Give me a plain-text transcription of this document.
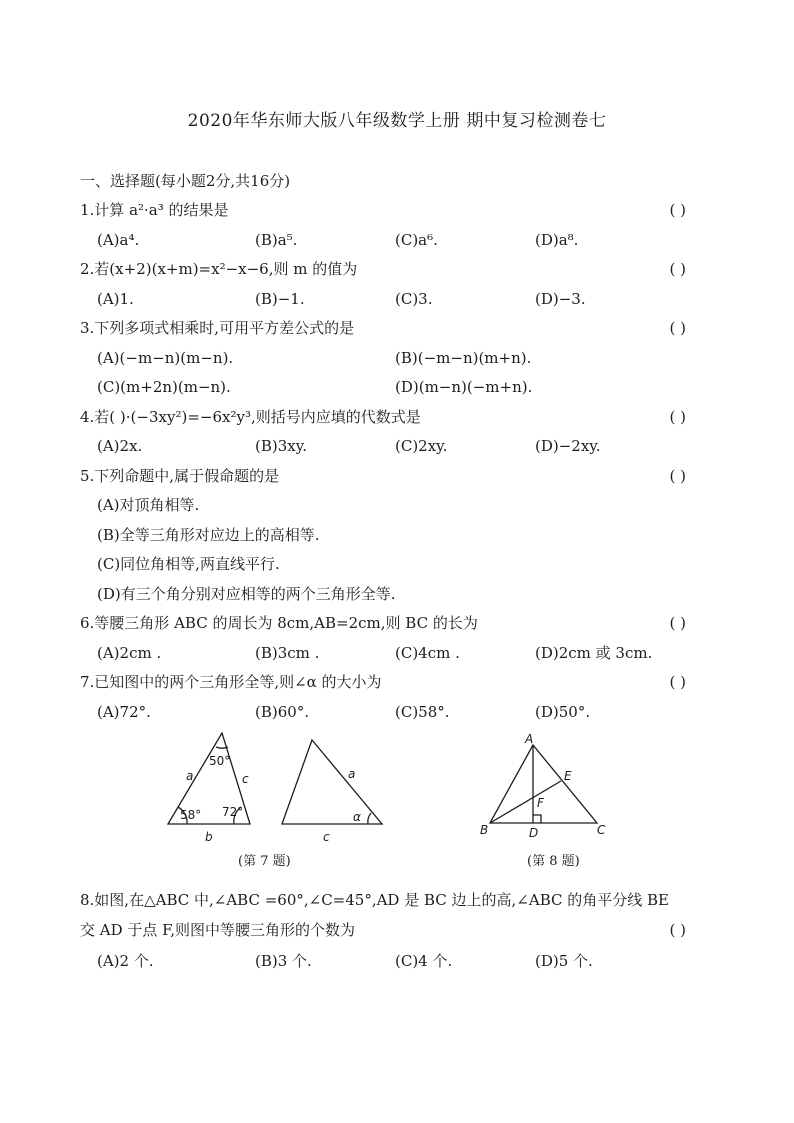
2020年华东师大版八年级数学上册 期中复习检测卷七
一、选择题(每小题2分,共16分)
1.计算 a²·a³ 的结果是	( )
(A)a⁴.	(B)a⁵.	(C)a⁶.	(D)a⁸.
2.若(x+2)(x+m)=x²−x−6,则 m 的值为	( )
(A)1.	(B)−1.	(C)3.	(D)−3.
3.下列多项式相乘时,可用平方差公式的是	( )
(A)(−m−n)(m−n).	(B)(−m−n)(m+n).
(C)(m+2n)(m−n).	(D)(m−n)(−m+n).
4.若( )·(−3xy²)=−6x²y³,则括号内应填的代数式是	( )
(A)2x.	(B)3xy.	(C)2xy.	(D)−2xy.
5.下列命题中,属于假命题的是	( )
(A)对顶角相等.
(B)全等三角形对应边上的高相等.
(C)同位角相等,两直线平行.
(D)有三个角分别对应相等的两个三角形全等.
6.等腰三角形 ABC 的周长为 8cm,AB=2cm,则 BC 的长为	( )
(A)2cm .	(B)3cm .	(C)4cm .	(D)2cm 或 3cm.
7.已知图中的两个三角形全等,则∠α 的大小为	( )
(A)72°.	(B)60°.	(C)58°.	(D)50°.
50°
58° 72°
a	c
b
a
c
α
(第 7 题)
A
B	C
D
E
F
(第 8 题)
8.如图,在△ABC 中,∠ABC =60°,∠C=45°,AD 是 BC 边上的高,∠ABC 的角平分线 BE
交 AD 于点 F,则图中等腰三角形的个数为	( )
(A)2 个.	(B)3 个.	(C)4 个.	(D)5 个.
